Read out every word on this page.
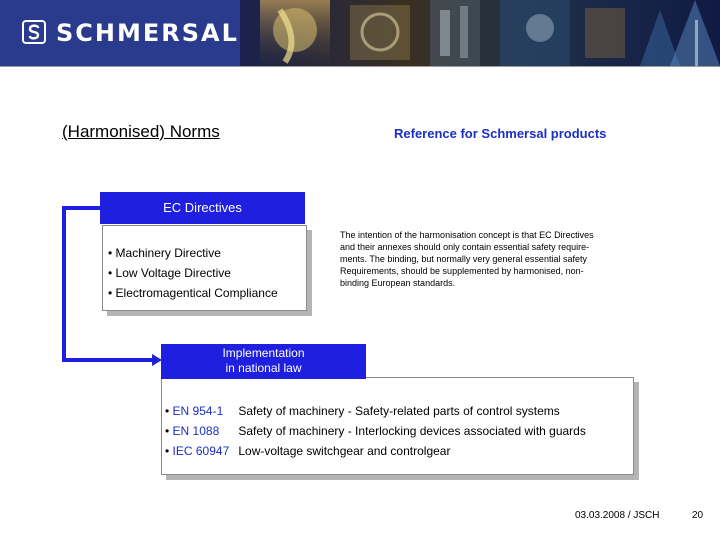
SCHMERSAL
(Harmonised) Norms	Reference for Schmersal products
EC Directives
• Machinery Directive
• Low Voltage Directive
• Electromagentical Compliance
The intention of the harmonisation concept is that EC Directives
and their annexes should only contain essential safety require-
ments. The binding, but normally very general essential safety
Requirements, should be supplemented by harmonised, non-
binding European standards.
Implementation
in national law
• EN 954-1 Safety of machinery - Safety-related parts of control systems
• EN 1088 Safety of machinery - Interlocking devices associated with guards
• IEC 60947 Low-voltage switchgear and controlgear
03.03.2008 / JSCH	20
